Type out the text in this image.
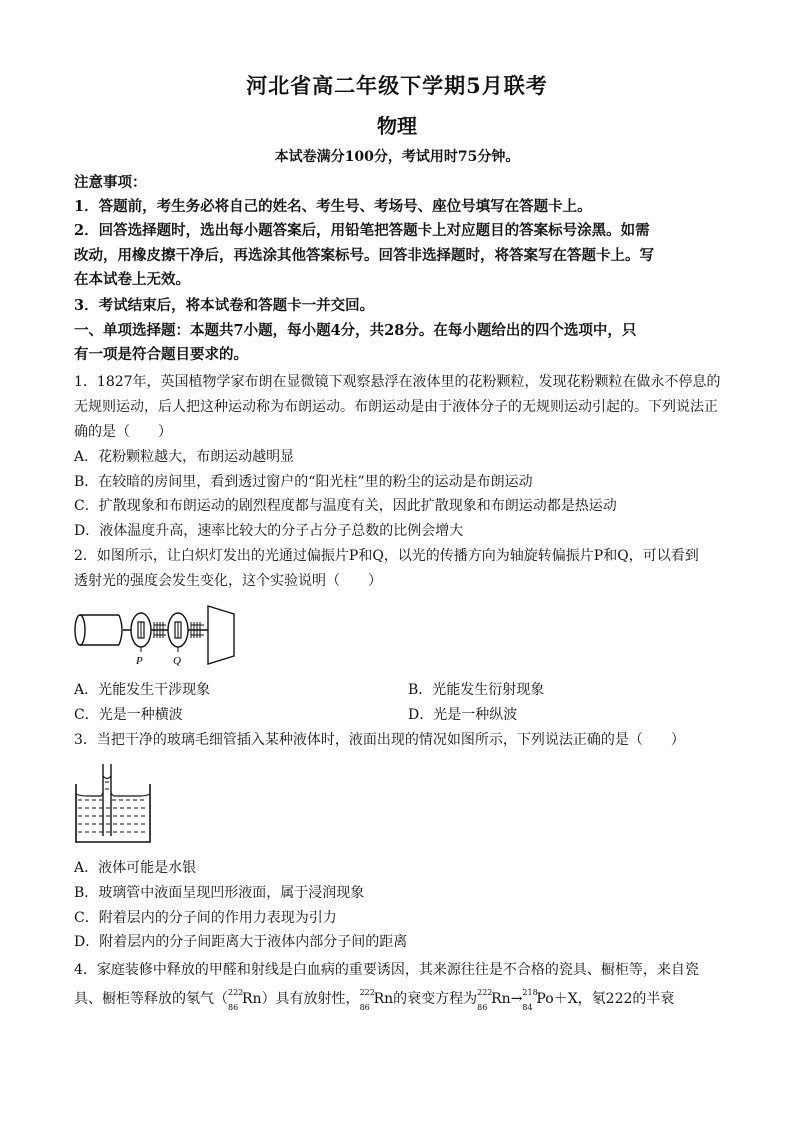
河北省高二年级下学期5月联考
物理
本试卷满分100分，考试用时75分钟。
注意事项：
1．答题前，考生务必将自己的姓名、考生号、考场号、座位号填写在答题卡上。
2．回答选择题时，选出每小题答案后，用铅笔把答题卡上对应题目的答案标号涂黑。如需
改动，用橡皮擦干净后，再选涂其他答案标号。回答非选择题时，将答案写在答题卡上。写
在本试卷上无效。
3．考试结束后，将本试卷和答题卡一并交回。
一、单项选择题：本题共7小题，每小题4分，共28分。在每小题给出的四个选项中，只
有一项是符合题目要求的。
1．1827年，英国植物学家布朗在显微镜下观察悬浮在液体里的花粉颗粒，发现花粉颗粒在做永不停息的
无规则运动，后人把这种运动称为布朗运动。布朗运动是由于液体分子的无规则运动引起的。下列说法正
确的是（　　）
A．花粉颗粒越大，布朗运动越明显
B．在较暗的房间里，看到透过窗户的“阳光柱”里的粉尘的运动是布朗运动
C．扩散现象和布朗运动的剧烈程度都与温度有关，因此扩散现象和布朗运动都是热运动
D．液体温度升高，速率比较大的分子占分子总数的比例会增大
2．如图所示，让白炽灯发出的光通过偏振片P和Q，以光的传播方向为轴旋转偏振片P和Q，可以看到
透射光的强度会发生变化，这个实验说明（　　）
P	Q
A．光能发生干涉现象	B．光能发生衍射现象
C．光是一种横波	D．光是一种纵波
3．当把干净的玻璃毛细管插入某种液体时，液面出现的情况如图所示，下列说法正确的是（　　）
A．液体可能是水银
B．玻璃管中液面呈现凹形液面，属于浸润现象
C．附着层内的分子间的作用力表现为引力
D．附着层内的分子间距离大于液体内部分子间的距离
4．家庭装修中释放的甲醛和射线是白血病的重要诱因，其来源往往是不合格的瓷具、橱柜等，来自瓷
具、橱柜等释放的氡气（ 222
86
Rn）具有放射性， 222
86
Rn的衰变方程为 222
86
Rn→ 218
84
Po＋X，氡222的半衰
